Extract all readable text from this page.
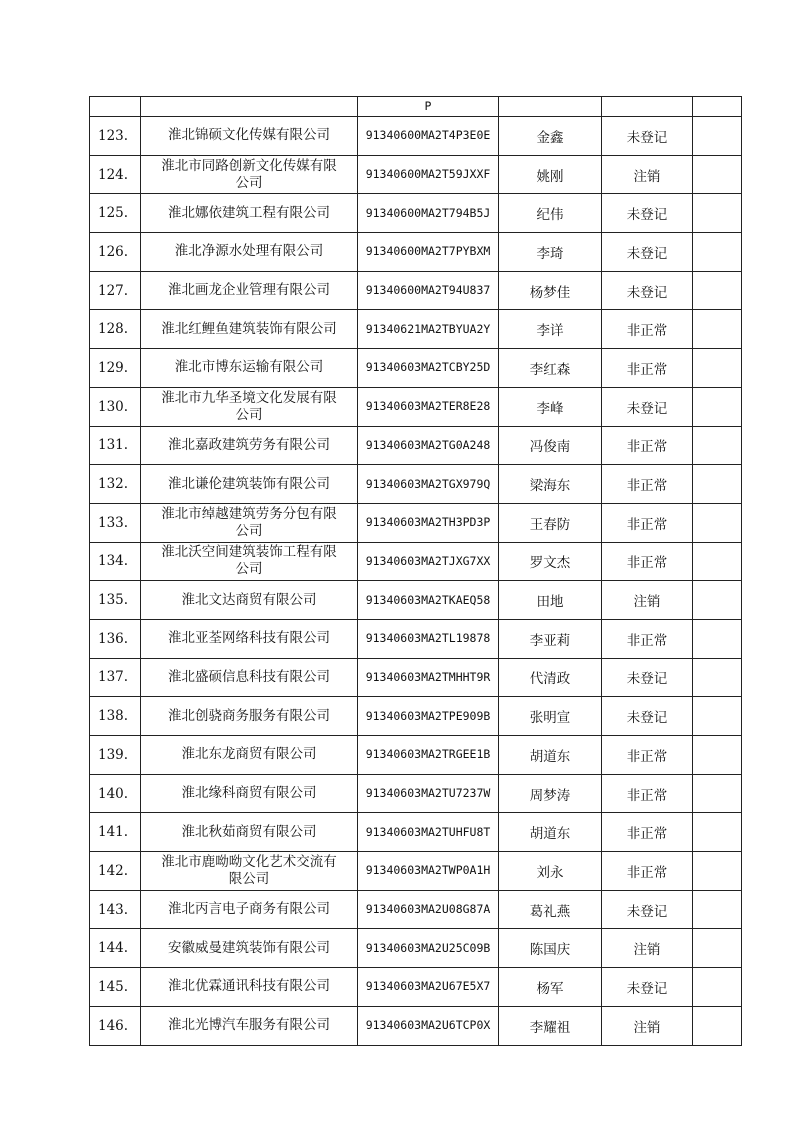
		P			
123.	淮北锦硕文化传媒有限公司	91340600MA2T4P3E0E	金鑫	未登记	
124.	淮北市同路创新文化传媒有限公司	91340600MA2T59JXXF	姚刚	注销	
125.	淮北娜依建筑工程有限公司	91340600MA2T794B5J	纪伟	未登记	
126.	淮北净源水处理有限公司	91340600MA2T7PYBXM	李琦	未登记	
127.	淮北画龙企业管理有限公司	91340600MA2T94U837	杨梦佳	未登记	
128.	淮北红鲤鱼建筑装饰有限公司	91340621MA2TBYUA2Y	李详	非正常	
129.	淮北市博东运输有限公司	91340603MA2TCBY25D	李红森	非正常	
130.	淮北市九华圣境文化发展有限公司	91340603MA2TER8E28	李峰	未登记	
131.	淮北嘉政建筑劳务有限公司	91340603MA2TG0A248	冯俊南	非正常	
132.	淮北谦伦建筑装饰有限公司	91340603MA2TGX979Q	梁海东	非正常	
133.	淮北市绰越建筑劳务分包有限公司	91340603MA2TH3PD3P	王春防	非正常	
134.	淮北沃空间建筑装饰工程有限公司	91340603MA2TJXG7XX	罗文杰	非正常	
135.	淮北文达商贸有限公司	91340603MA2TKAEQ58	田地	注销	
136.	淮北亚荃网络科技有限公司	91340603MA2TL19878	李亚莉	非正常	
137.	淮北盛硕信息科技有限公司	91340603MA2TMHHT9R	代清政	未登记	
138.	淮北创骁商务服务有限公司	91340603MA2TPE909B	张明宣	未登记	
139.	淮北东龙商贸有限公司	91340603MA2TRGEE1B	胡道东	非正常	
140.	淮北缘科商贸有限公司	91340603MA2TU7237W	周梦涛	非正常	
141.	淮北秋茹商贸有限公司	91340603MA2TUHFU8T	胡道东	非正常	
142.	淮北市鹿呦呦文化艺术交流有限公司	91340603MA2TWP0A1H	刘永	非正常	
143.	淮北丙言电子商务有限公司	91340603MA2U08G87A	葛礼燕	未登记	
144.	安徽威曼建筑装饰有限公司	91340603MA2U25C09B	陈国庆	注销	
145.	淮北优霖通讯科技有限公司	91340603MA2U67E5X7	杨军	未登记	
146.	淮北光博汽车服务有限公司	91340603MA2U6TCP0X	李耀祖	注销	
